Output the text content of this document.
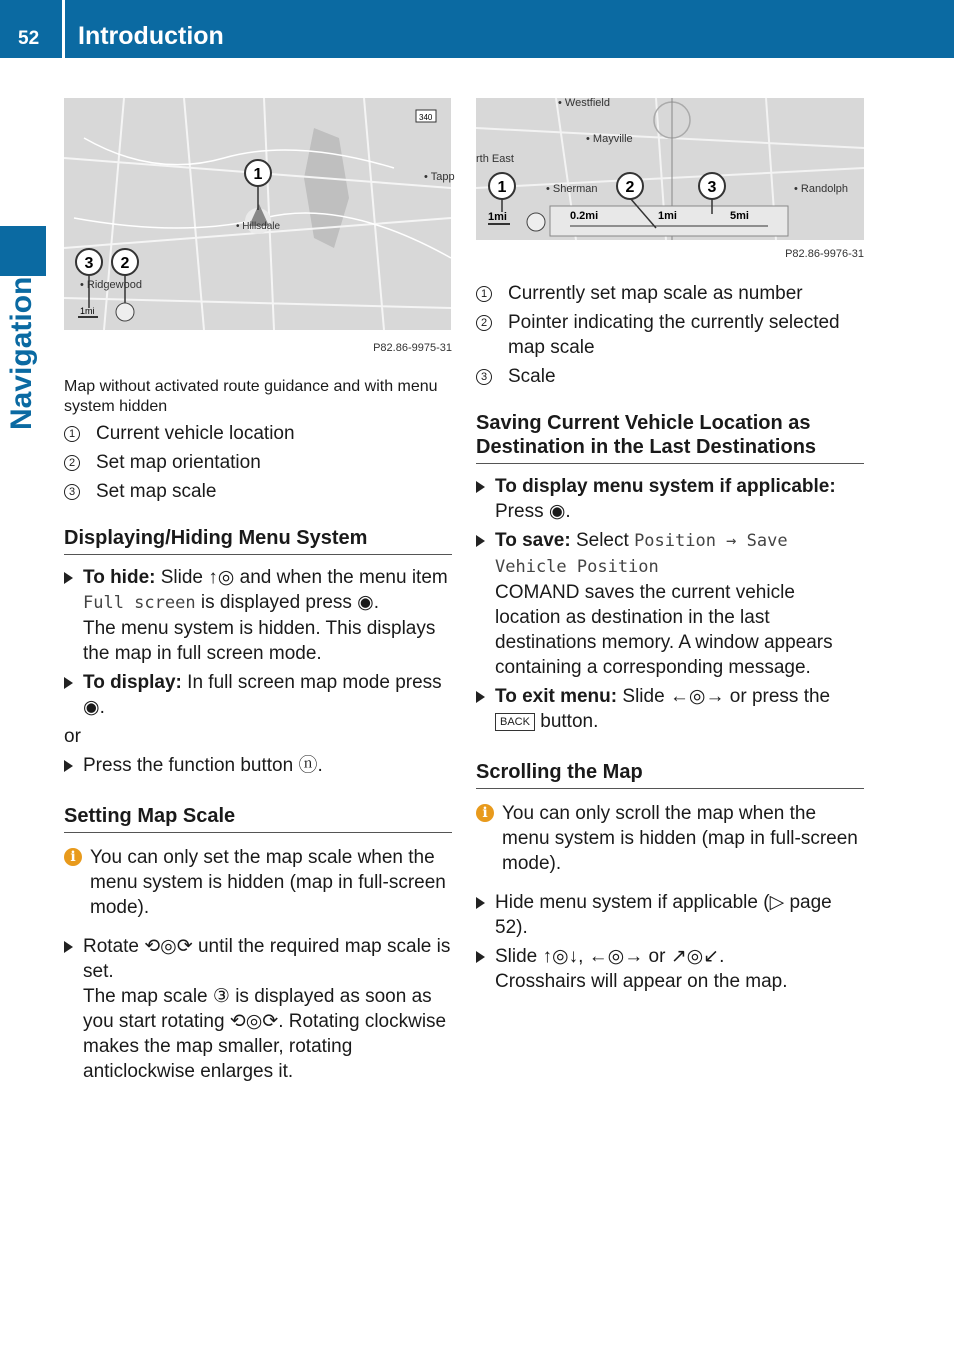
52 Introduction
Navigation
1
3 2
• Tapp
• Hillsdale
• Ridgewood
340
1mi
P82.86-9975-31

Map without activated route guidance and with menu system hidden

1 Current vehicle location
2 Set map orientation
3 Set map scale
Displaying/Hiding Menu System
To hide: Slide ↑◎ and when the menu item Full screen is displayed press ◉.
The menu system is hidden. This displays the map in full screen mode.
To display: In full screen map mode press ◉.
or
Press the function button ⓝ.
Setting Map Scale
i You can only set the map scale when the menu system is hidden (map in full-screen mode).
Rotate ⟲◎⟳ until the required map scale is set.
The map scale ③ is displayed as soon as you start rotating ⟲◎⟳. Rotating clockwise makes the map smaller, rotating anticlockwise enlarges it.
• Westfield
• Mayville
rth East
• Sherman	• Randolph
0.2mi	1mi	5mi
1mi
1	2	3
P82.86-9976-31
1 Currently set map scale as number
2 Pointer indicating the currently selected map scale
3 Scale
Saving Current Vehicle Location as Destination in the Last Destinations
To display menu system if applicable:
Press ◉.
To save: Select Position → Save Vehicle Position
COMAND saves the current vehicle location as destination in the last destinations memory. A window appears containing a corresponding message.
To exit menu: Slide ←◎→ or press the BACK button.
Scrolling the Map
i You can only scroll the map when the menu system is hidden (map in full-screen mode).
Hide menu system if applicable (▷ page 52).
Slide ↑◎↓, ←◎→ or ↗◎↙.
Crosshairs will appear on the map.
